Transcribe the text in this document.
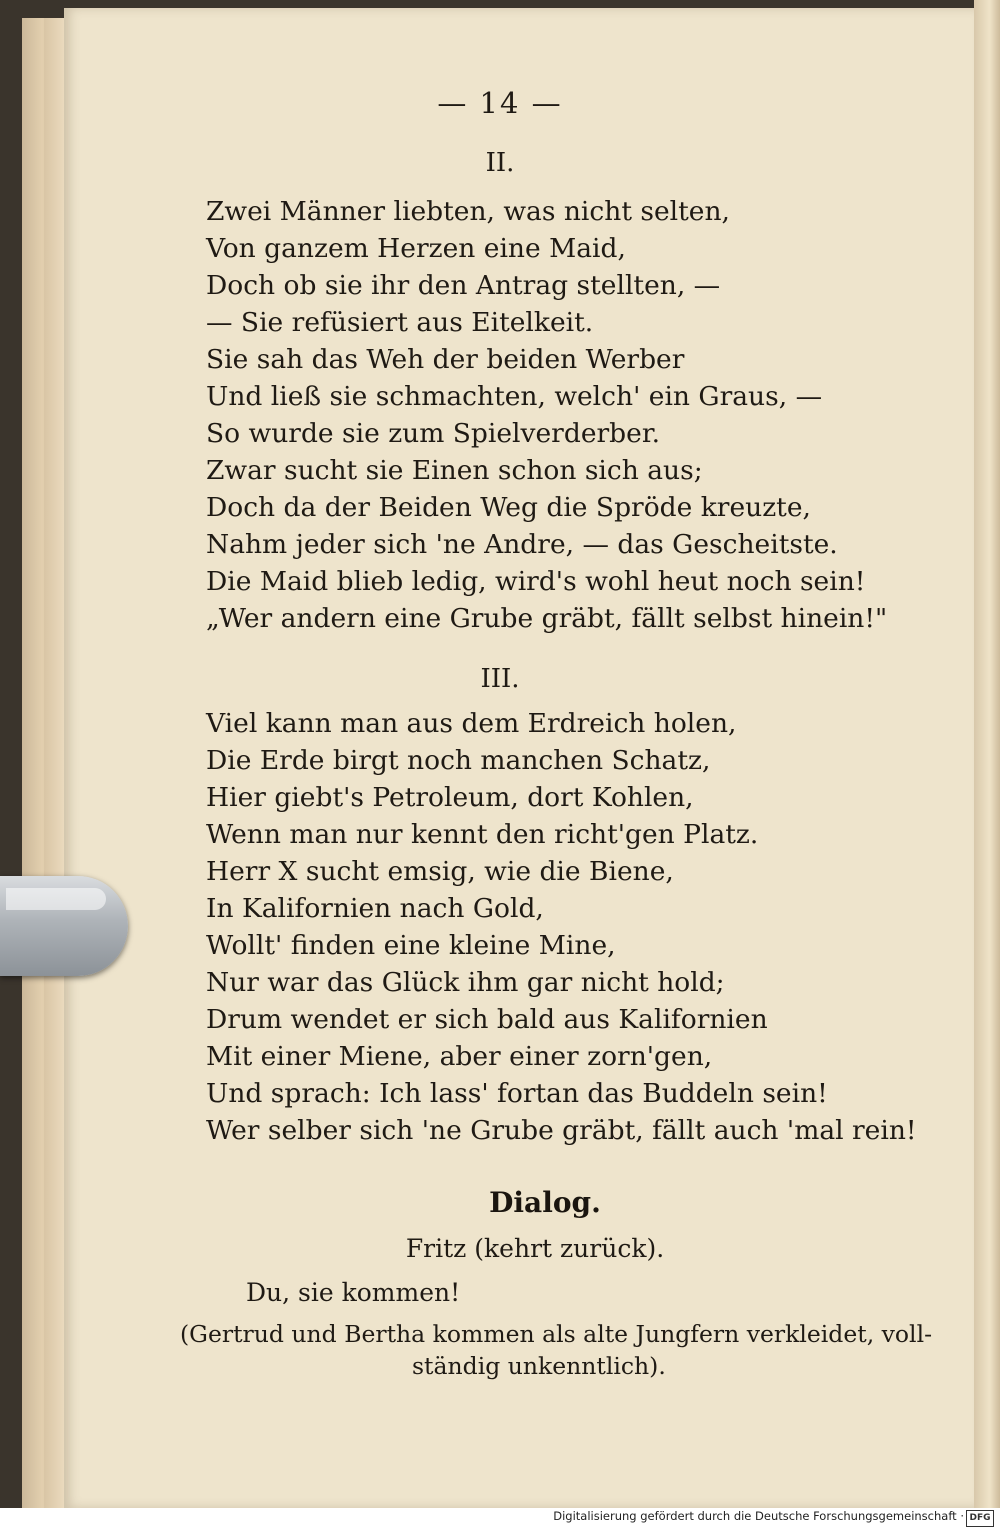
— 14 —
II.
Zwei Männer liebten, was nicht selten,
Von ganzem Herzen eine Maid,
Doch ob sie ihr den Antrag stellten, —
— Sie refüsiert aus Eitelkeit.
Sie sah das Weh der beiden Werber
Und ließ sie schmachten, welch' ein Graus, —
So wurde sie zum Spielverderber.
Zwar sucht sie Einen schon sich aus;
Doch da der Beiden Weg die Spröde kreuzte,
Nahm jeder sich 'ne Andre, — das Gescheitste.
Die Maid blieb ledig, wird's wohl heut noch sein!
„Wer andern eine Grube gräbt, fällt selbst hinein!"
III.
Viel kann man aus dem Erdreich holen,
Die Erde birgt noch manchen Schatz,
Hier giebt's Petroleum, dort Kohlen,
Wenn man nur kennt den richt'gen Platz.
Herr X sucht emsig, wie die Biene,
In Kalifornien nach Gold,
Wollt' finden eine kleine Mine,
Nur war das Glück ihm gar nicht hold;
Drum wendet er sich bald aus Kalifornien
Mit einer Miene, aber einer zorn'gen,
Und sprach: Ich lass' fortan das Buddeln sein!
Wer selber sich 'ne Grube gräbt, fällt auch 'mal rein!
Dialog.
Fritz (kehrt zurück).
Du, sie kommen!
(Gertrud und Bertha kommen als alte Jungfern verkleidet, voll-
ständig unkenntlich).
Digitalisierung gefördert durch die Deutsche Forschungsgemeinschaft · DFG
